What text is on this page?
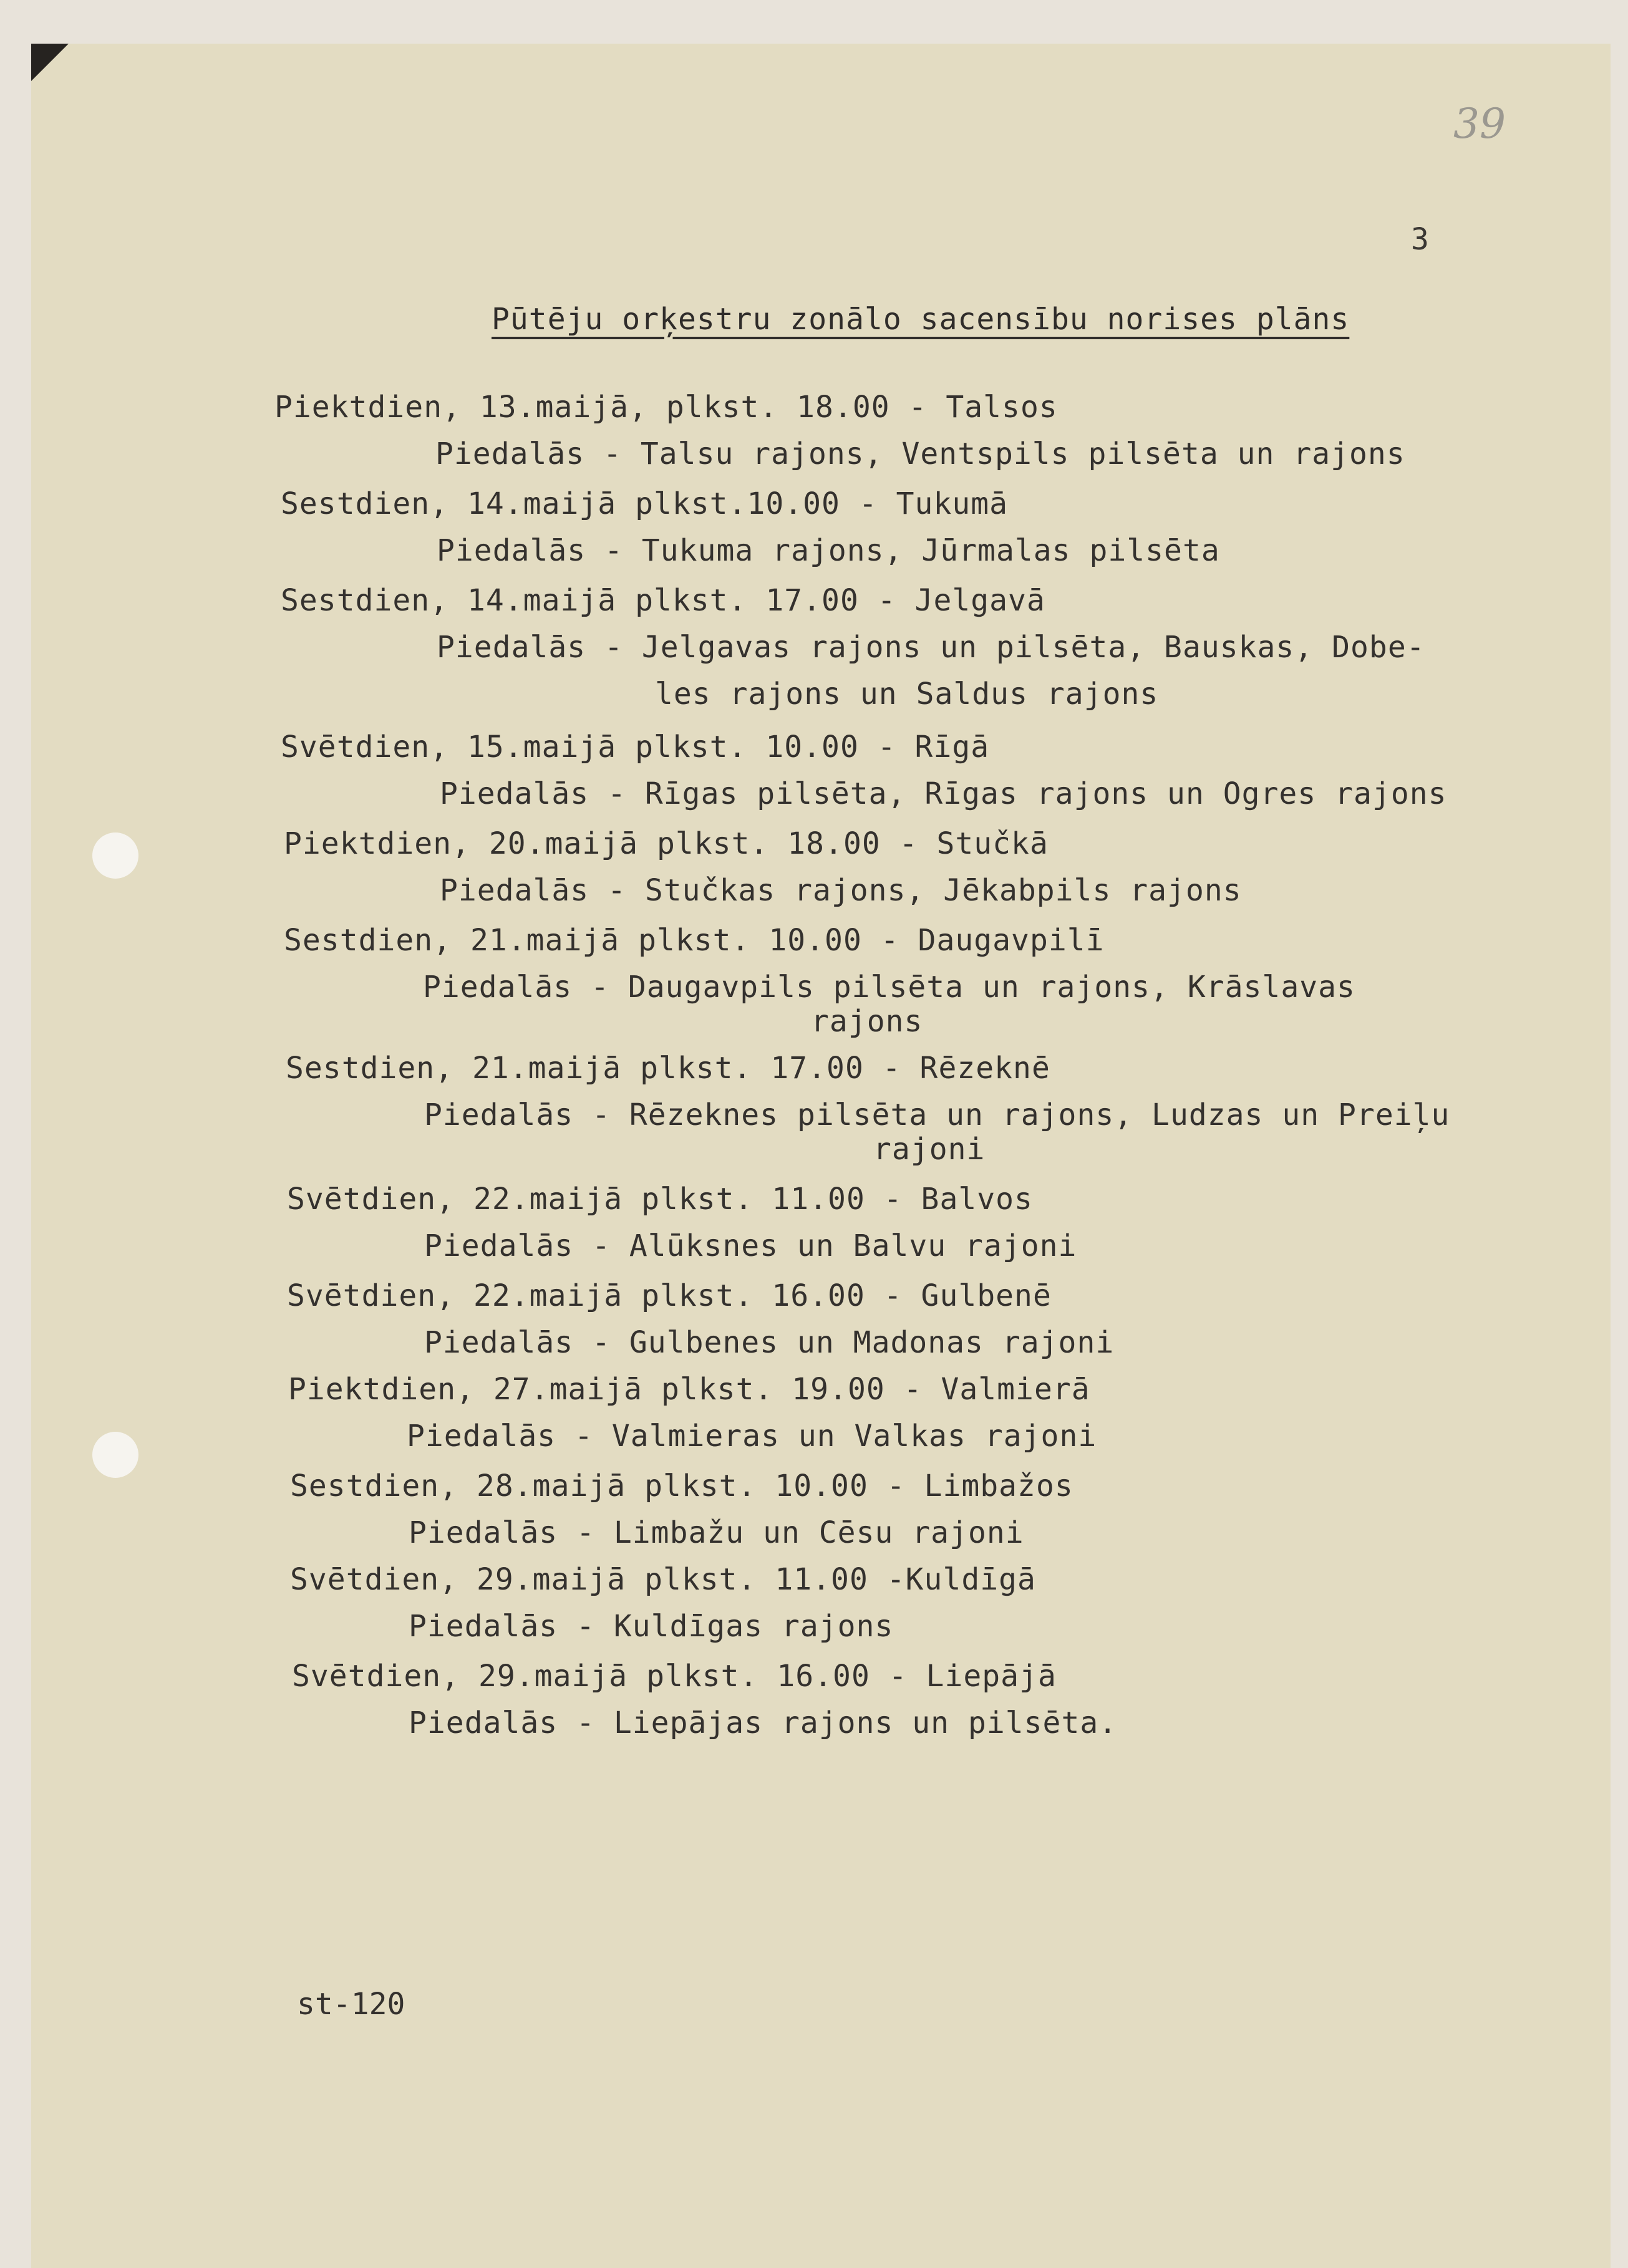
39
3
Pūtēju orķestru zonālo sacensību norises plāns
Piektdien, 13.maijā, plkst. 18.00 - Talsos
Piedalās - Talsu rajons, Ventspils pilsēta un rajons
Sestdien, 14.maijā plkst.10.00 - Tukumā
Piedalās - Tukuma rajons, Jūrmalas pilsēta
Sestdien, 14.maijā plkst. 17.00 - Jelgavā
Piedalās - Jelgavas rajons un pilsēta, Bauskas, Dobe-
les rajons un Saldus rajons
Svētdien, 15.maijā plkst. 10.00 - Rīgā
Piedalās - Rīgas pilsēta, Rīgas rajons un Ogres rajons
Piektdien, 20.maijā plkst. 18.00 - Stučkā
Piedalās - Stučkas rajons, Jēkabpils rajons
Sestdien, 21.maijā plkst. 10.00 - Daugavpilī
Piedalās - Daugavpils pilsēta un rajons, Krāslavas
rajons
Sestdien, 21.maijā plkst. 17.00 - Rēzeknē
Piedalās - Rēzeknes pilsēta un rajons, Ludzas un Preiļu
rajoni
Svētdien, 22.maijā plkst. 11.00 - Balvos
Piedalās - Alūksnes un Balvu rajoni
Svētdien, 22.maijā plkst. 16.00 - Gulbenē
Piedalās - Gulbenes un Madonas rajoni
Piektdien, 27.maijā plkst. 19.00 - Valmierā
Piedalās - Valmieras un Valkas rajoni
Sestdien, 28.maijā plkst. 10.00 - Limbažos
Piedalās - Limbažu un Cēsu rajoni
Svētdien, 29.maijā plkst. 11.00 -Kuldīgā
Piedalās - Kuldīgas rajons
Svētdien, 29.maijā plkst. 16.00 - Liepājā
Piedalās - Liepājas rajons un pilsēta.
st-120
